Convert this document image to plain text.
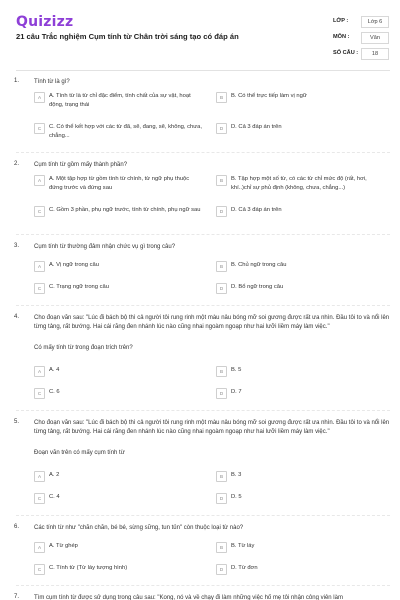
Quizizz
21 câu Trắc nghiệm Cụm tính từ Chân trời sáng tạo có đáp án
LỚP :	Lớp 6
MÔN :	Văn
SỐ CÂU :	18
1. Tính từ là gì?
A	A. Tính từ là từ chỉ đặc điểm, tính chất của sự vật, hoạt động, trạng thái
B	B. Có thể trực tiếp làm vị ngữ
C	C. Có thể kết hợp với các từ đã, sẽ, đang, sẽ, không, chưa, chẳng...
D	D. Cả 3 đáp án trên
2. Cụm tính từ gồm mấy thành phần?
A	A. Một tập hợp từ gồm tính từ chính, từ ngữ phụ thuộc đứng trước và đứng sau
B	B. Tập hợp một số từ, có các từ chỉ mức độ (rất, hơi, khí..)chỉ sự phủ định (không, chưa, chẳng...)
C	C. Gồm 3 phần, phụ ngữ trước, tính từ chính, phụ ngữ sau	D	D. Cả 3 đáp án trên
3. Cụm tính từ thường đảm nhận chức vụ gì trong câu?
A	A. Vị ngữ trong câu	B	B. Chủ ngữ trong câu
C	C. Trạng ngữ trong câu	D	D. Bổ ngữ trong câu
4. Cho đoạn văn sau: "Lúc đi bách bộ thì cả người tôi rung rinh một màu nâu bóng mỡ soi gương được rất ưa nhìn. Đầu tôi to và nổi lên từng tảng, rất bướng. Hai cái răng đen nhánh lúc nào cũng nhai ngoàm ngoạp như hai lưỡi liềm máy làm việc."
Có mấy tính từ trong đoạn trích trên?
A	A. 4	B	B. 5
C	C. 6	D	D. 7
5. Cho đoạn văn sau: "Lúc đi bách bộ thì cả người tôi rung rinh một màu nâu bóng mỡ soi gương được rất ưa nhìn. Đầu tôi to và nổi lên từng tảng, rất bướng. Hai cái răng đen nhánh lúc nào cũng nhai ngoàm ngoạp như hai lưỡi liềm máy làm việc."
Đoạn văn trên có mấy cụm tính từ
A	A. 2	B	B. 3
C	C. 4	D	D. 5
6. Các tính từ như "chăn chăn, bé bé, sừng sững, tun tủn" còn thuộc loại từ nào?
A	A. Từ ghép	B	B. Từ láy
C	C. Tính từ (Từ láy tượng hình)	D	D. Từ đơn
7. Tìm cụm tính từ được sử dụng trong câu sau: "Kong, nó và về chạy đi làm những việc hố mẹ tôi nhận công viên làm
